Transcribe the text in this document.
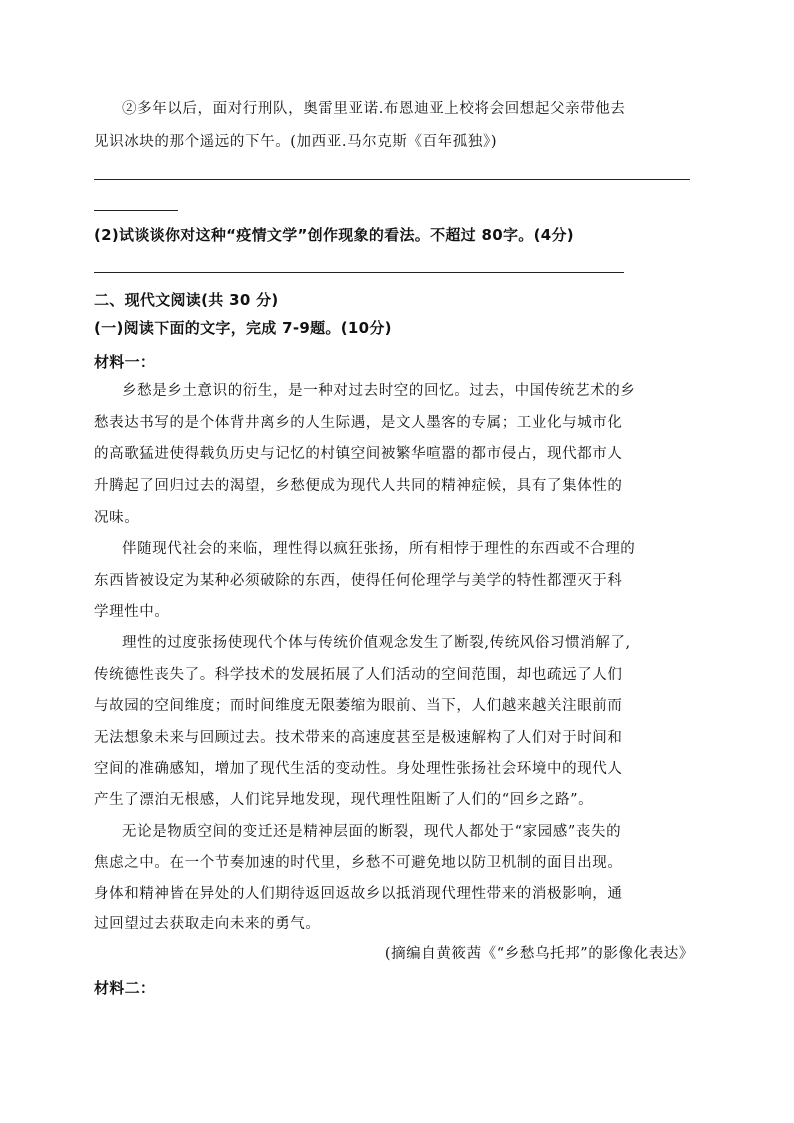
②多年以后，面对行刑队，奥雷里亚诺.布恩迪亚上校将会回想起父亲带他去
见识冰块的那个遥远的下午。(加西亚.马尔克斯《百年孤独》)
(2)试谈谈你对这种“疫情文学”创作现象的看法。不超过 80字。(4分)
二、现代文阅读(共 30 分)
(一)阅读下面的文字，完成 7-9题。(10分)
材料一：
乡愁是乡土意识的衍生，是一种对过去时空的回忆。过去，中国传统艺术的乡
愁表达书写的是个体背井离乡的人生际遇，是文人墨客的专属；工业化与城市化
的高歌猛进使得载负历史与记忆的村镇空间被繁华喧嚣的都市侵占，现代都市人
升腾起了回归过去的渴望，乡愁便成为现代人共同的精神症候，具有了集体性的
况味。
伴随现代社会的来临，理性得以疯狂张扬，所有相悖于理性的东西或不合理的
东西皆被设定为某种必须破除的东西，使得任何伦理学与美学的特性都湮灭于科
学理性中。
理性的过度张扬使现代个体与传统价值观念发生了断裂,传统风俗习惯消解了,
传统德性丧失了。科学技术的发展拓展了人们活动的空间范围，却也疏远了人们
与故园的空间维度；而时间维度无限萎缩为眼前、当下，人们越来越关注眼前而
无法想象未来与回顾过去。技术带来的高速度甚至是极速解构了人们对于时间和
空间的准确感知，增加了现代生活的变动性。身处理性张扬社会环境中的现代人
产生了漂泊无根感，人们诧异地发现，现代理性阻断了人们的“回乡之路”。
无论是物质空间的变迁还是精神层面的断裂，现代人都处于“家园感”丧失的
焦虑之中。在一个节奏加速的时代里，乡愁不可避免地以防卫机制的面目出现。
身体和精神皆在异处的人们期待返回返故乡以抵消现代理性带来的消极影响，通
过回望过去获取走向未来的勇气。
(摘编自黄筱茜《“乡愁乌托邦”的影像化表达》
材料二：
